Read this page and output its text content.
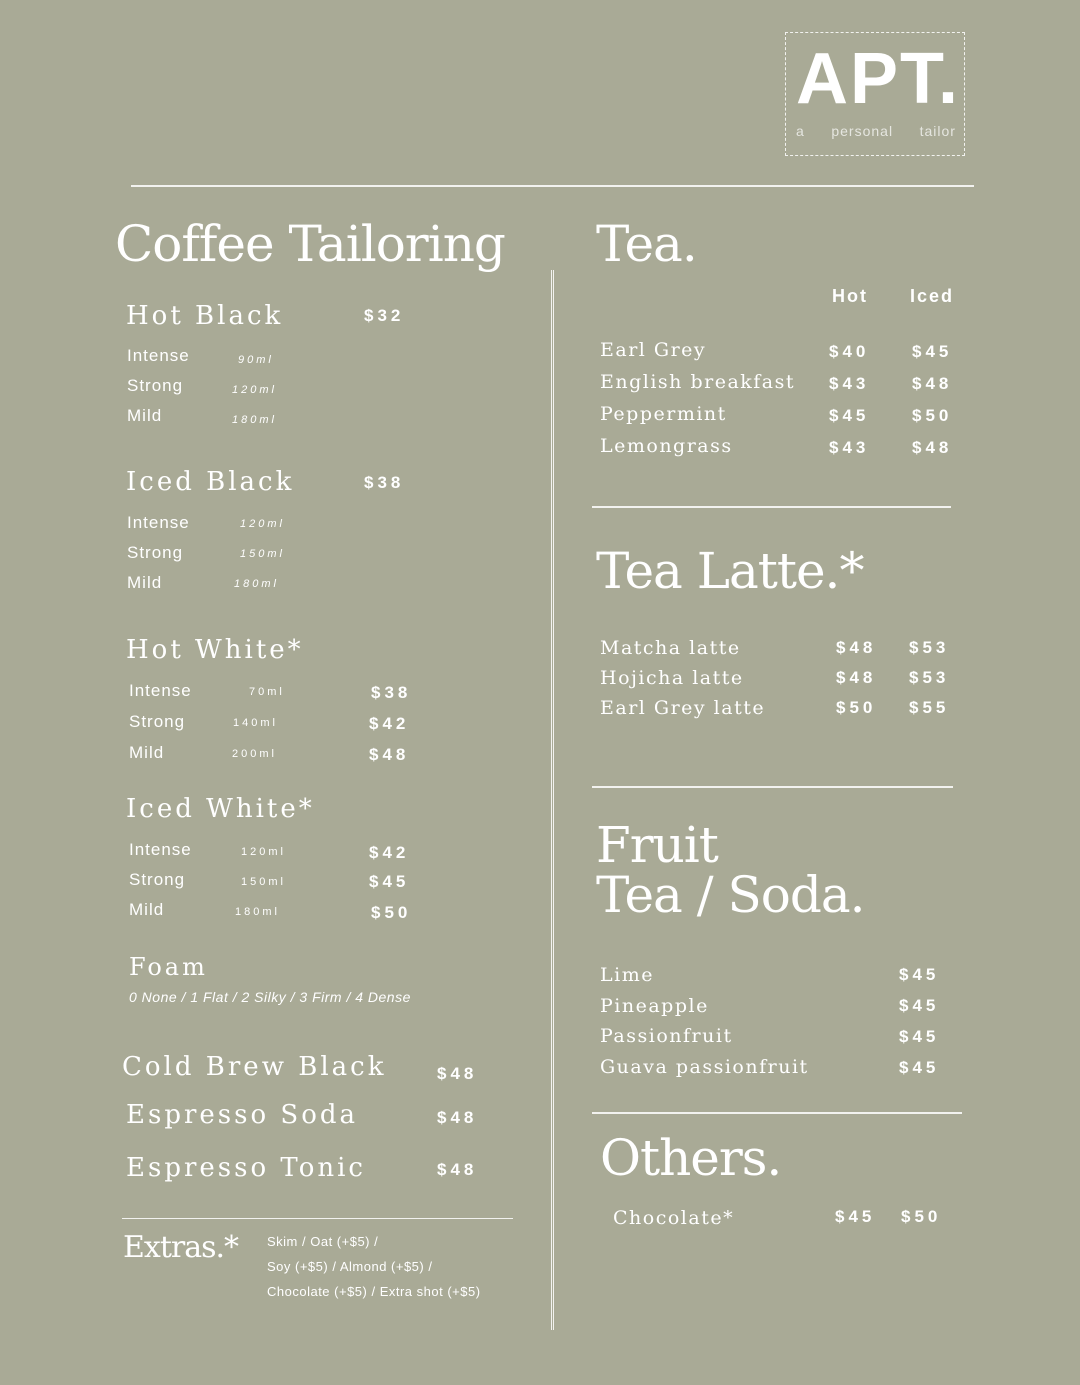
APT.
a personal tailor
Coffee Tailoring
Hot Black	$32
Intense	90ml
Strong	120ml
Mild	180ml
Iced Black	$38
Intense	120ml
Strong	150ml
Mild	180ml
Hot White*
Intense	70ml	$38
Strong	140ml	$42
Mild	200ml	$48
Iced White*
Intense	120ml	$42
Strong	150ml	$45
Mild	180ml	$50
Foam
0 None / 1 Flat / 2 Silky / 3 Firm / 4 Dense
Cold Brew Black	$48
Espresso Soda	$48
Espresso Tonic	$48
Extras.* Skim / Oat (+$5) /
Soy (+$5) / Almond (+$5) /
Chocolate (+$5) / Extra shot (+$5)
Tea.
Hot Iced
Earl Grey	$40	$45
English breakfast $43	$48
Peppermint	$45	$50
Lemongrass	$43	$48
Tea Latte.*
Matcha latte	$48 $53
Hojicha latte	$48 $53
Earl Grey latte	$50 $55
Fruit
Tea / Soda.
Lime	$45
Pineapple	$45
Passionfruit	$45
Guava passionfruit	$45
Others.
Chocolate*	$45 $50
